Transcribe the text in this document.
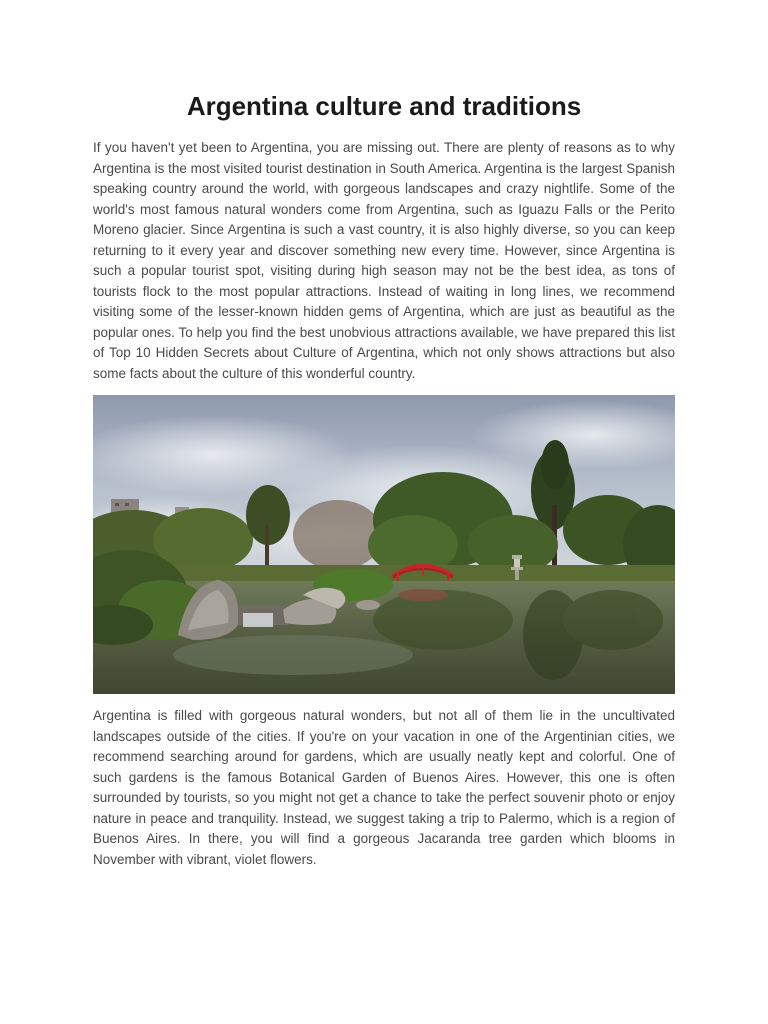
Argentina culture and traditions

If you haven't yet been to Argentina, you are missing out. There are plenty of reasons as to why Argentina is the most visited tourist destination in South America. Argentina is the largest Spanish speaking country around the world, with gorgeous landscapes and crazy nightlife. Some of the world's most famous natural wonders come from Argentina, such as Iguazu Falls or the Perito Moreno glacier. Since Argentina is such a vast country, it is also highly diverse, so you can keep returning to it every year and discover something new every time. However, since Argentina is such a popular tourist spot, visiting during high season may not be the best idea, as tons of tourists flock to the most popular attractions. Instead of waiting in long lines, we recommend visiting some of the lesser-known hidden gems of Argentina, which are just as beautiful as the popular ones. To help you find the best unobvious attractions available, we have prepared this list of Top 10 Hidden Secrets about Culture of Argentina, which not only shows attractions but also some facts about the culture of this wonderful country.

Argentina is filled with gorgeous natural wonders, but not all of them lie in the uncultivated landscapes outside of the cities. If you're on your vacation in one of the Argentinian cities, we recommend searching around for gardens, which are usually neatly kept and colorful. One of such gardens is the famous Botanical Garden of Buenos Aires. However, this one is often surrounded by tourists, so you might not get a chance to take the perfect souvenir photo or enjoy nature in peace and tranquility. Instead, we suggest taking a trip to Palermo, which is a region of Buenos Aires. In there, you will find a gorgeous Jacaranda tree garden which blooms in November with vibrant, violet flowers.
